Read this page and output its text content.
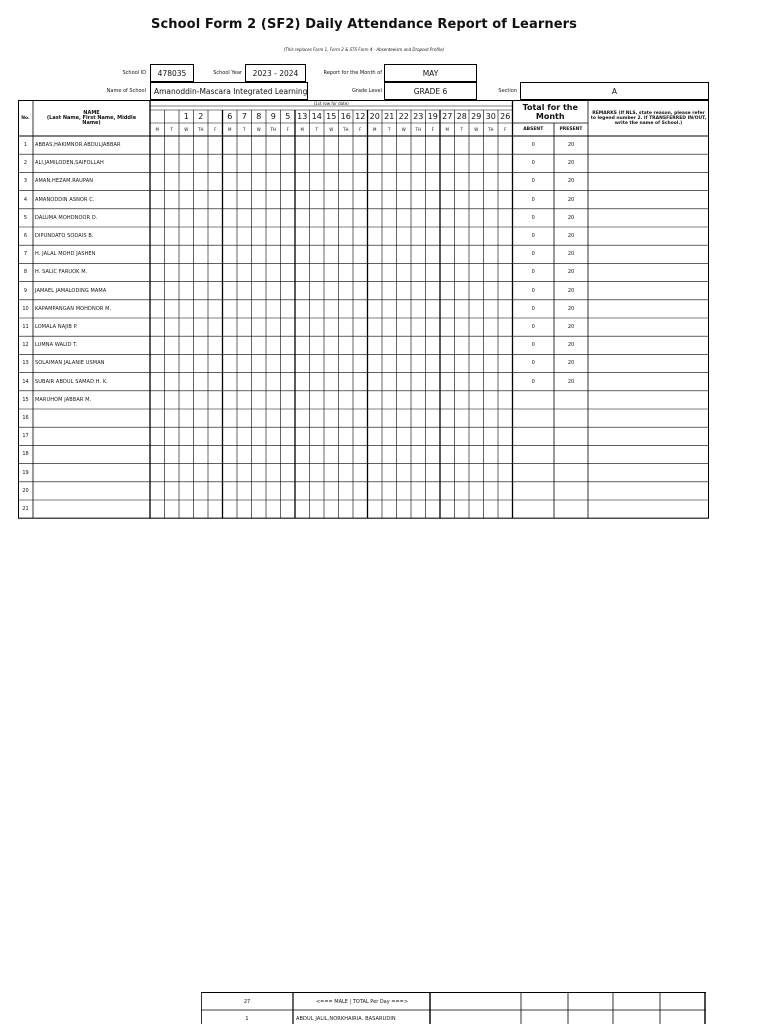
School Form 2 (SF2) Daily Attendance Report of Learners
(This replaces Form 1, Form 2 & STS Form 4 - Absenteeism and Dropout Profile)
School ID	478035	School Year	2023 - 2024	Report for the Month of	MAY
Name of School	Amanoddin-Mascara Integrated Learning	Grade Level	GRADE 6	Section	A
No.
NAME
(Last Name, First Name, Middle
Name)
(1st row for date)
1	2	6	7	8	9	5 13 14 15 16 12 20 21 22 23 19 27 28 29 30 26
M	T	W	TH	F	M	T	W	TH	F	M	T	W	TH	F	M	T	W	TH	F	M	T	W	TH	F
Total for the
Month
ABSENT	PRESENT
REMARKS (If NLS, state reason, please refer to legend number 2. If TRANSFERRED IN/OUT, write the name of School.)
1	ABBAS,HAKIMNOR.ABDULJABBAR	0	20
2	ALI,JAMILODEN,SAIFOLLAH	0	20
3	AMAN,HEZAM.RAUPAN	0	20
4	AMANODDIN ASNOR C.	0	20
5	DALUMA MOHDNOOR D.	0	20
6	DIPUNDATO SODAIS B.	0	20
7	H. JALAL MOHD JASHEN	0	20
8	H. SALIC FARUOK M.	0	20
9	JAMAEL JAMALODING MAMA	0	20
10	KAPAMPANGAN MOHDNOR M.	0	20
11	LOMALA NAJIB P.	0	20
12	LUMNA WALID T.	0	20
13	SOLAIMAN JALANIE USMAN	0	20
14	SUBAIR ABDUL SAMAD H. K.	0	20
15	MARUHOM JABBAR M.
16
17
18
19
20
21
27	<=== MALE | TOTAL Per Day ===>
1	ABDUL JALIL,NORKHAIRIA. BASARUDIN
